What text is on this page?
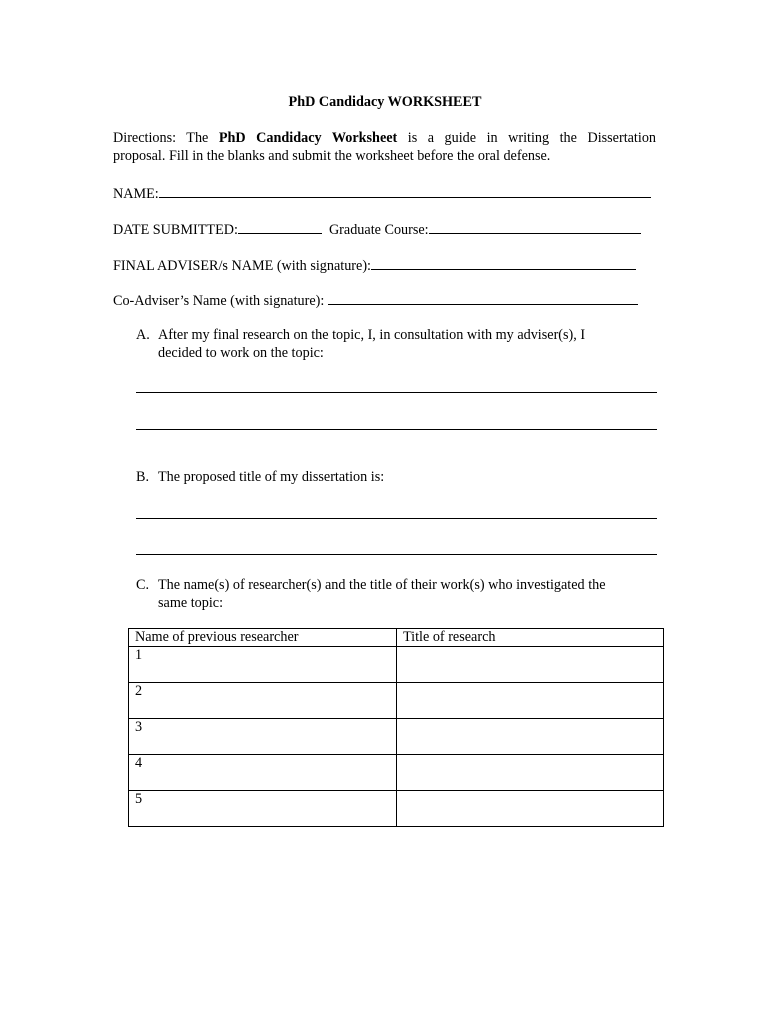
PhD Candidacy WORKSHEET
Directions: The PhD Candidacy Worksheet is a guide in writing the Dissertation
proposal. Fill in the blanks and submit the worksheet before the oral defense.
NAME:
DATE SUBMITTED:	Graduate Course:
FINAL ADVISER/s NAME (with signature):
Co-Adviser’s Name (with signature):
A. After my final research on the topic, I, in consultation with my adviser(s), I
decided to work on the topic:
B. The proposed title of my dissertation is:
C. The name(s) of researcher(s) and the title of their work(s) who investigated the
same topic:
Name of previous researcher	Title of research
1	
2	
3	
4	
5	
